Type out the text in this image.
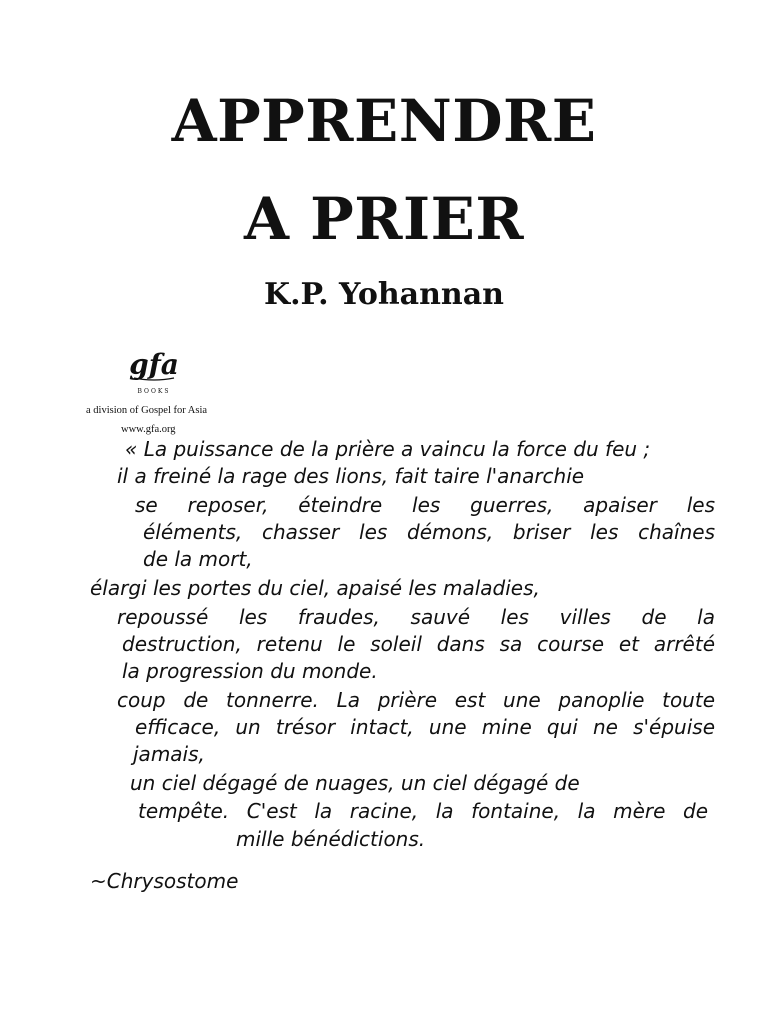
APPRENDRE
A PRIER
K.P. Yohannan
gfa
BOOKS
a division of Gospel for Asia
www.gfa.org

« La puissance de la prière a vaincu la force du feu ;

il a freiné la rage des lions, fait taire l'anarchie

se reposer, éteindre les guerres, apaiser les

éléments, chasser les démons, briser les chaînes

de la mort,

élargi les portes du ciel, apaisé les maladies,

repoussé les fraudes, sauvé les villes de la

destruction, retenu le soleil dans sa course et arrêté

la progression du monde.

coup de tonnerre. La prière est une panoplie toute

efficace, un trésor intact, une mine qui ne s'épuise

jamais,

un ciel dégagé de nuages, un ciel dégagé de

tempête. C'est la racine, la fontaine, la mère de

mille bénédictions.

~Chrysostome
